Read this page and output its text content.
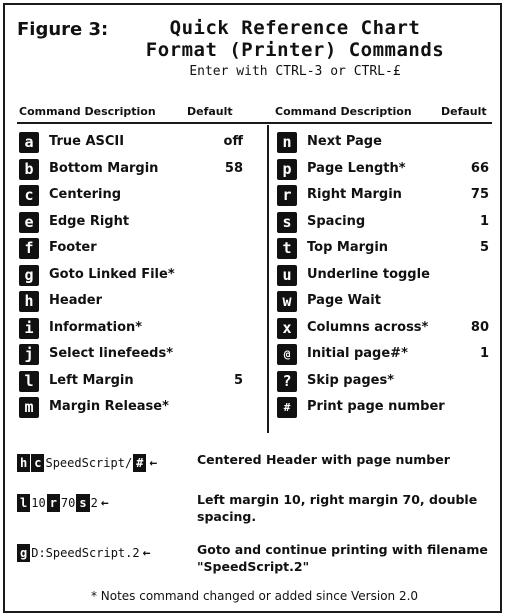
Figure 3:	Quick Reference Chart
Format (Printer) Commands
Enter with CTRL-3 or CTRL-£
Command Description	Default	Command Description	Default
a	True ASCII	off
b	Bottom Margin	58
c	Centering
e	Edge Right
f	Footer
g	Goto Linked File*
h	Header
i	Information*
j	Select linefeeds*
l	Left Margin	5
m	Margin Release*
n	Next Page
p	Page Length*	66
r	Right Margin	75
s	Spacing	1
t	Top Margin	5
u	Underline toggle
w	Page Wait
x	Columns across*	80
@	Initial page#*	1
?	Skip pages*
#	Print page number
h c SpeedScript/ # ←	Centered Header with page number
l 10 r 70 s 2 ←	Left margin 10, right margin 70, double spacing.
g D:SpeedScript.2 ←	Goto and continue printing with filename "SpeedScript.2"
* Notes command changed or added since Version 2.0
